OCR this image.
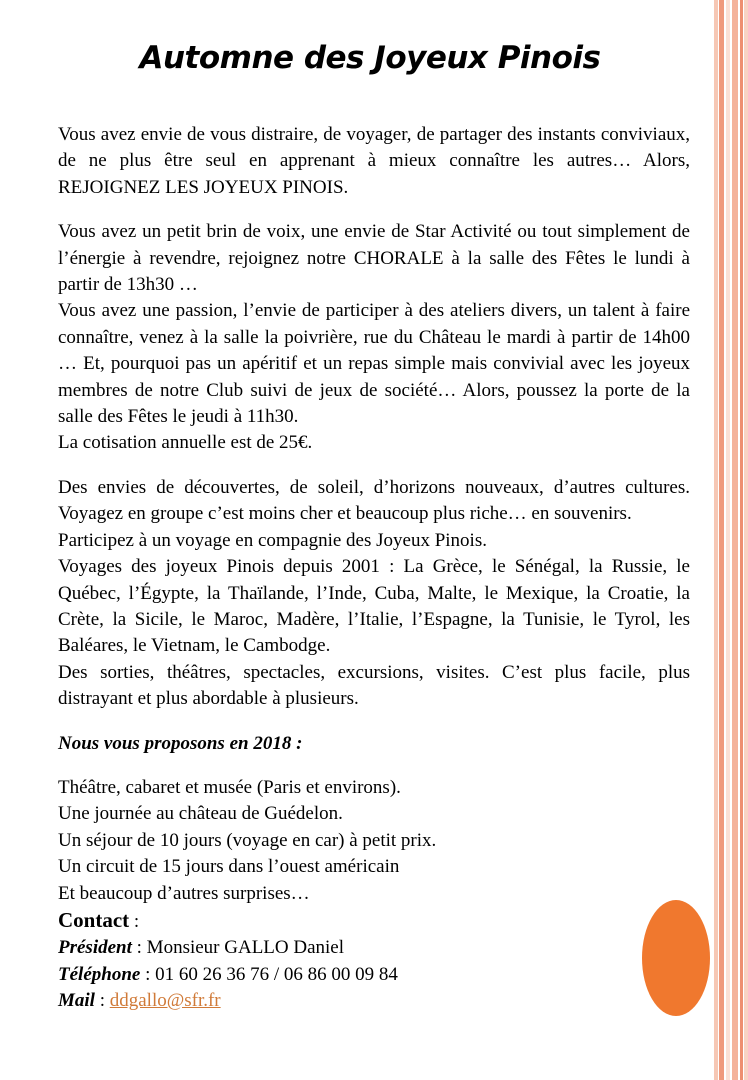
Automne des Joyeux Pinois

Vous avez envie de vous distraire, de voyager, de partager des instants conviviaux, de ne plus être seul en apprenant à mieux connaître les autres… Alors, REJOIGNEZ LES JOYEUX PINOIS.

Vous avez un petit brin de voix, une envie de Star Activité ou tout simplement de l’énergie à revendre, rejoignez notre CHORALE à la salle des Fêtes le lundi à partir de 13h30 …

Vous avez une passion, l’envie de participer à des ateliers divers, un talent à faire connaître, venez à la salle la poivrière, rue du Château le mardi à partir de 14h00 … Et, pourquoi pas un apéritif et un repas simple mais convivial avec les joyeux membres de notre Club suivi de jeux de société… Alors, poussez la porte de la salle des Fêtes le jeudi à 11h30.

La cotisation annuelle est de 25€.

Des envies de découvertes, de soleil, d’horizons nouveaux, d’autres cultures. Voyagez en groupe c’est moins cher et beaucoup plus riche… en souvenirs.

Participez à un voyage en compagnie des Joyeux Pinois.

Voyages des joyeux Pinois depuis 2001 : La Grèce, le Sénégal, la Russie, le Québec, l’Égypte, la Thaïlande, l’Inde, Cuba, Malte, le Mexique, la Croatie, la Crète, la Sicile, le Maroc, Madère, l’Italie, l’Espagne, la Tunisie, le Tyrol, les Baléares, le Vietnam, le Cambodge.

Des sorties, théâtres, spectacles, excursions, visites. C’est plus facile, plus distrayant et plus abordable à plusieurs.

Nous vous proposons en 2018 :

Théâtre, cabaret et musée (Paris et environs).

Une journée au château de Guédelon.

Un séjour de 10 jours (voyage en car) à petit prix.

Un circuit de 15 jours dans l’ouest américain

Et beaucoup d’autres surprises…

Contact :

Président : Monsieur GALLO Daniel

Téléphone : 01 60 26 36 76 / 06 86 00 09 84

Mail : ddgallo@sfr.fr
